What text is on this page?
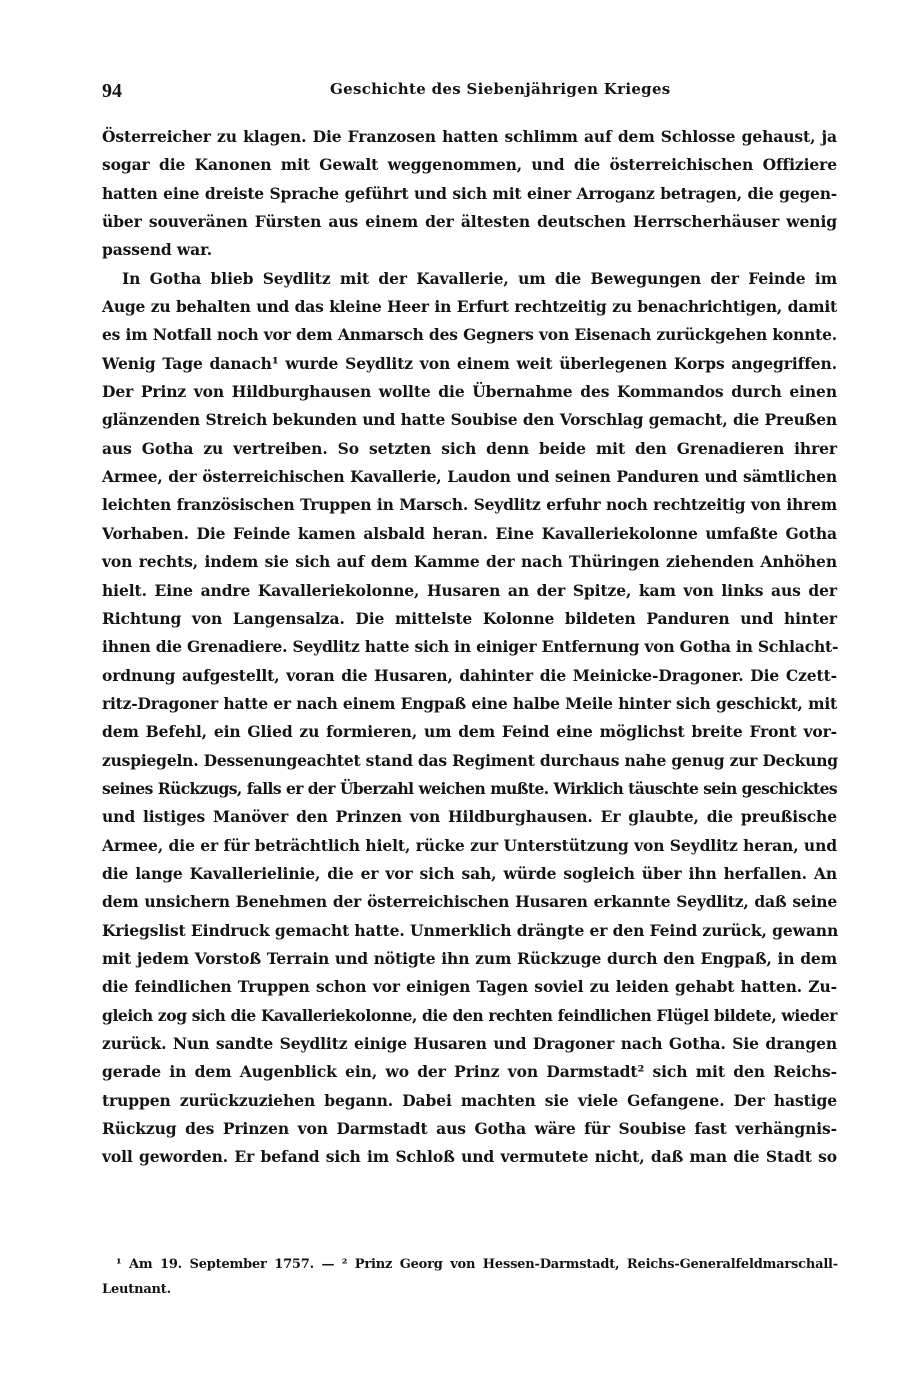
94	Geschichte des Siebenjährigen Krieges
Österreicher zu klagen. Die Franzosen hatten schlimm auf dem Schlosse gehaust, ja
sogar die Kanonen mit Gewalt weggenommen, und die österreichischen Offiziere
hatten eine dreiste Sprache geführt und sich mit einer Arroganz betragen, die gegen-
über souveränen Fürsten aus einem der ältesten deutschen Herrscherhäuser wenig
passend war.
In Gotha blieb Seydlitz mit der Kavallerie, um die Bewegungen der Feinde im
Auge zu behalten und das kleine Heer in Erfurt rechtzeitig zu benachrichtigen, damit
es im Notfall noch vor dem Anmarsch des Gegners von Eisenach zurückgehen konnte.
Wenig Tage danach¹ wurde Seydlitz von einem weit überlegenen Korps angegriffen.
Der Prinz von Hildburghausen wollte die Übernahme des Kommandos durch einen
glänzenden Streich bekunden und hatte Soubise den Vorschlag gemacht, die Preußen
aus Gotha zu vertreiben. So setzten sich denn beide mit den Grenadieren ihrer
Armee, der österreichischen Kavallerie, Laudon und seinen Panduren und sämtlichen
leichten französischen Truppen in Marsch. Seydlitz erfuhr noch rechtzeitig von ihrem
Vorhaben. Die Feinde kamen alsbald heran. Eine Kavalleriekolonne umfaßte Gotha
von rechts, indem sie sich auf dem Kamme der nach Thüringen ziehenden Anhöhen
hielt. Eine andre Kavalleriekolonne, Husaren an der Spitze, kam von links aus der
Richtung von Langensalza. Die mittelste Kolonne bildeten Panduren und hinter
ihnen die Grenadiere. Seydlitz hatte sich in einiger Entfernung von Gotha in Schlacht-
ordnung aufgestellt, voran die Husaren, dahinter die Meinicke-Dragoner. Die Czett-
ritz-Dragoner hatte er nach einem Engpaß eine halbe Meile hinter sich geschickt, mit
dem Befehl, ein Glied zu formieren, um dem Feind eine möglichst breite Front vor-
zuspiegeln. Dessenungeachtet stand das Regiment durchaus nahe genug zur Deckung
seines Rückzugs, falls er der Überzahl weichen mußte. Wirklich täuschte sein geschicktes
und listiges Manöver den Prinzen von Hildburghausen. Er glaubte, die preußische
Armee, die er für beträchtlich hielt, rücke zur Unterstützung von Seydlitz heran, und
die lange Kavallerielinie, die er vor sich sah, würde sogleich über ihn herfallen. An
dem unsichern Benehmen der österreichischen Husaren erkannte Seydlitz, daß seine
Kriegslist Eindruck gemacht hatte. Unmerklich drängte er den Feind zurück, gewann
mit jedem Vorstoß Terrain und nötigte ihn zum Rückzuge durch den Engpaß, in dem
die feindlichen Truppen schon vor einigen Tagen soviel zu leiden gehabt hatten. Zu-
gleich zog sich die Kavalleriekolonne, die den rechten feindlichen Flügel bildete, wieder
zurück. Nun sandte Seydlitz einige Husaren und Dragoner nach Gotha. Sie drangen
gerade in dem Augenblick ein, wo der Prinz von Darmstadt² sich mit den Reichs-
truppen zurückzuziehen begann. Dabei machten sie viele Gefangene. Der hastige
Rückzug des Prinzen von Darmstadt aus Gotha wäre für Soubise fast verhängnis-
voll geworden. Er befand sich im Schloß und vermutete nicht, daß man die Stadt so
¹ Am 19. September 1757. — ² Prinz Georg von Hessen-Darmstadt, Reichs-Generalfeldmarschall-
Leutnant.
